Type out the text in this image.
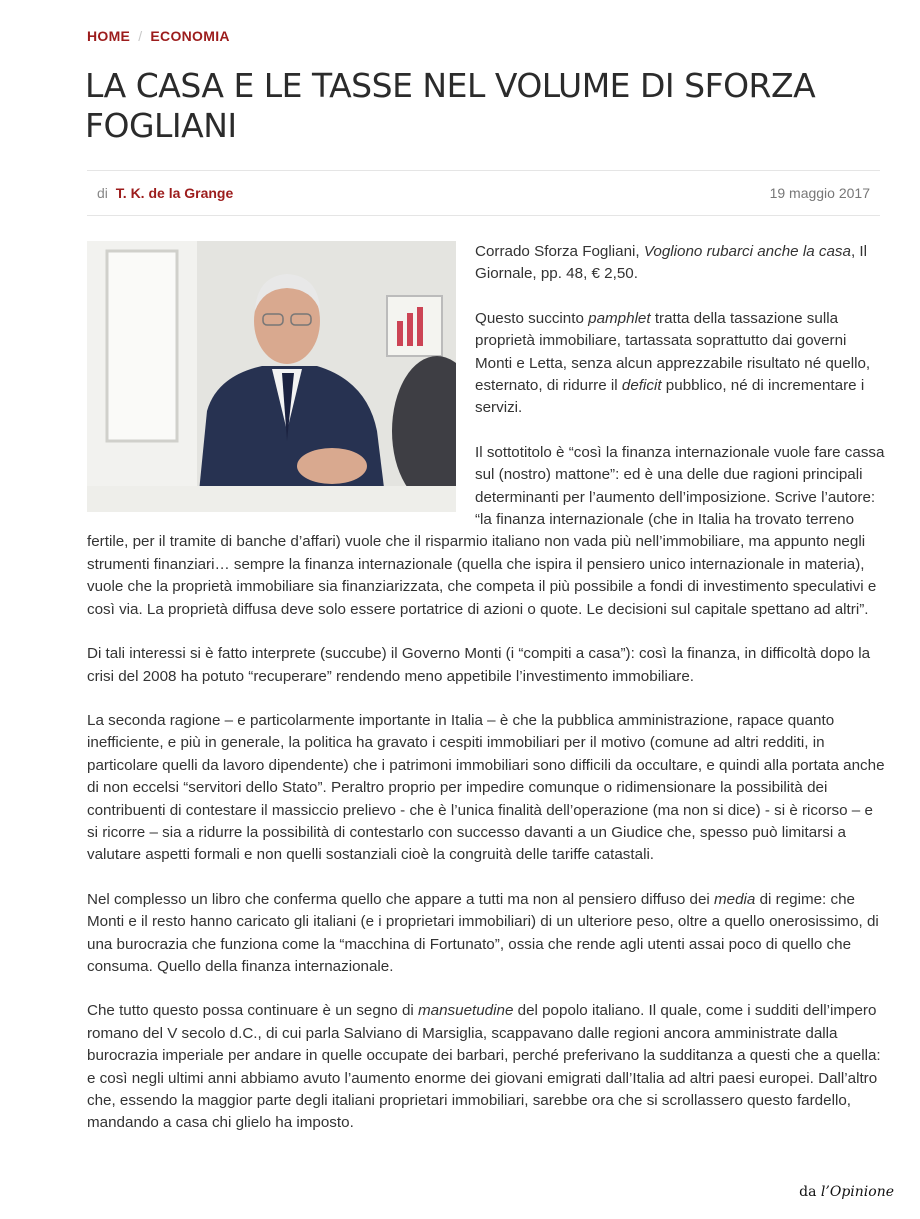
HOME / ECONOMIA
LA CASA E LE TASSE NEL VOLUME DI SFORZA FOGLIANI
di T. K. de la Grange	19 maggio 2017

Corrado Sforza Fogliani, Vogliono rubarci anche la casa, Il Giornale, pp. 48, € 2,50.

Questo succinto pamphlet tratta della tassazione sulla proprietà immobiliare, tartassata soprattutto dai governi Monti e Letta, senza alcun apprezzabile risultato né quello, esternato, di ridurre il deficit pubblico, né di incrementare i servizi.

Il sottotitolo è “così la finanza internazionale vuole fare cassa sul (nostro) mattone”: ed è una delle due ragioni principali determinanti per l’aumento dell’imposizione. Scrive l’autore: “la finanza internazionale (che in Italia ha trovato terreno fertile, per il tramite di banche d’affari) vuole che il risparmio italiano non vada più nell’immobiliare, ma appunto negli strumenti finanziari… sempre la finanza internazionale (quella che ispira il pensiero unico internazionale in materia), vuole che la proprietà immobiliare sia finanziarizzata, che competa il più possibile a fondi di investimento speculativi e così via. La proprietà diffusa deve solo essere portatrice di azioni o quote. Le decisioni sul capitale spettano ad altri”.

Di tali interessi si è fatto interprete (succube) il Governo Monti (i “compiti a casa”): così la finanza, in difficoltà dopo la crisi del 2008 ha potuto “recuperare” rendendo meno appetibile l’investimento immobiliare.

La seconda ragione – e particolarmente importante in Italia – è che la pubblica amministrazione, rapace quanto inefficiente, e più in generale, la politica ha gravato i cespiti immobiliari per il motivo (comune ad altri redditi, in particolare quelli da lavoro dipendente) che i patrimoni immobiliari sono difficili da occultare, e quindi alla portata anche di non eccelsi “servitori dello Stato”. Peraltro proprio per impedire comunque o ridimensionare la possibilità dei contribuenti di contestare il massiccio prelievo - che è l’unica finalità dell’operazione (ma non si dice) - si è ricorso – e si ricorre – sia a ridurre la possibilità di contestarlo con successo davanti a un Giudice che, spesso può limitarsi a valutare aspetti formali e non quelli sostanziali cioè la congruità delle tariffe catastali.

Nel complesso un libro che conferma quello che appare a tutti ma non al pensiero diffuso dei media di regime: che Monti e il resto hanno caricato gli italiani (e i proprietari immobiliari) di un ulteriore peso, oltre a quello onerosissimo, di una burocrazia che funziona come la “macchina di Fortunato”, ossia che rende agli utenti assai poco di quello che consuma. Quello della finanza internazionale.

Che tutto questo possa continuare è un segno di mansuetudine del popolo italiano. Il quale, come i sudditi dell’impero romano del V secolo d.C., di cui parla Salviano di Marsiglia, scappavano dalle regioni ancora amministrate dalla burocrazia imperiale per andare in quelle occupate dei barbari, perché preferivano la sudditanza a questi che a quella: e così negli ultimi anni abbiamo avuto l’aumento enorme dei giovani emigrati dall’Italia ad altri paesi europei. Dall’altro che, essendo la maggior parte degli italiani proprietari immobiliari, sarebbe ora che si scrollassero questo fardello, mandando a casa chi glielo ha imposto.

da l’Opinione
